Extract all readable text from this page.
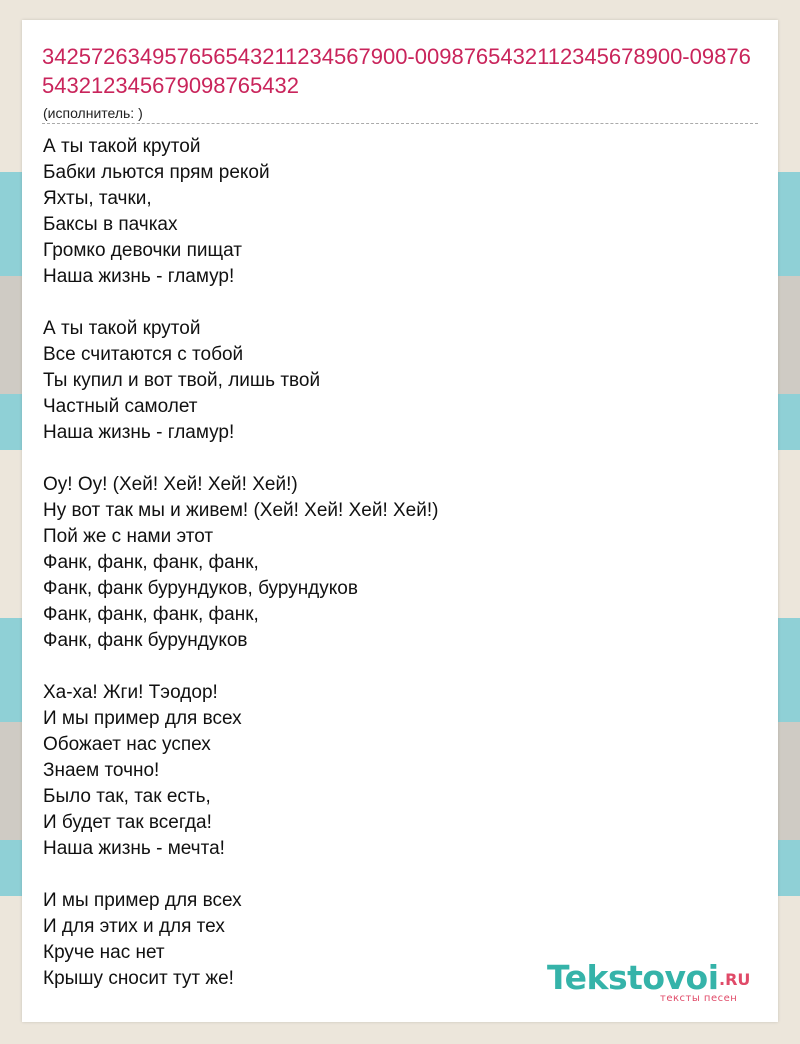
342572634957656543211234567900-0098765432112345678900-09876543212345679098765432
(исполнитель: )
А ты такой крутой
Бабки льются прям рекой
Яхты, тачки,
Баксы в пачках
Громко девочки пищат
Наша жизнь - гламур!
А ты такой крутой
Все считаются с тобой
Ты купил и вот твой, лишь твой
Частный самолет
Наша жизнь - гламур!
Оу! Оу! (Хей! Хей! Хей! Хей!)
Ну вот так мы и живем! (Хей! Хей! Хей! Хей!)
Пой же с нами этот
Фанк, фанк, фанк, фанк,
Фанк, фанк бурундуков, бурундуков
Фанк, фанк, фанк, фанк,
Фанк, фанк бурундуков
Ха-ха! Жги! Тэодор!
И мы пример для всех
Обожает нас успех
Знаем точно!
Было так, так есть,
И будет так всегда!
Наша жизнь - мечта!
И мы пример для всех
И для этих и для тех
Круче нас нет
Крышу сносит тут же!	Tekstovoi .RU
тексты песен
